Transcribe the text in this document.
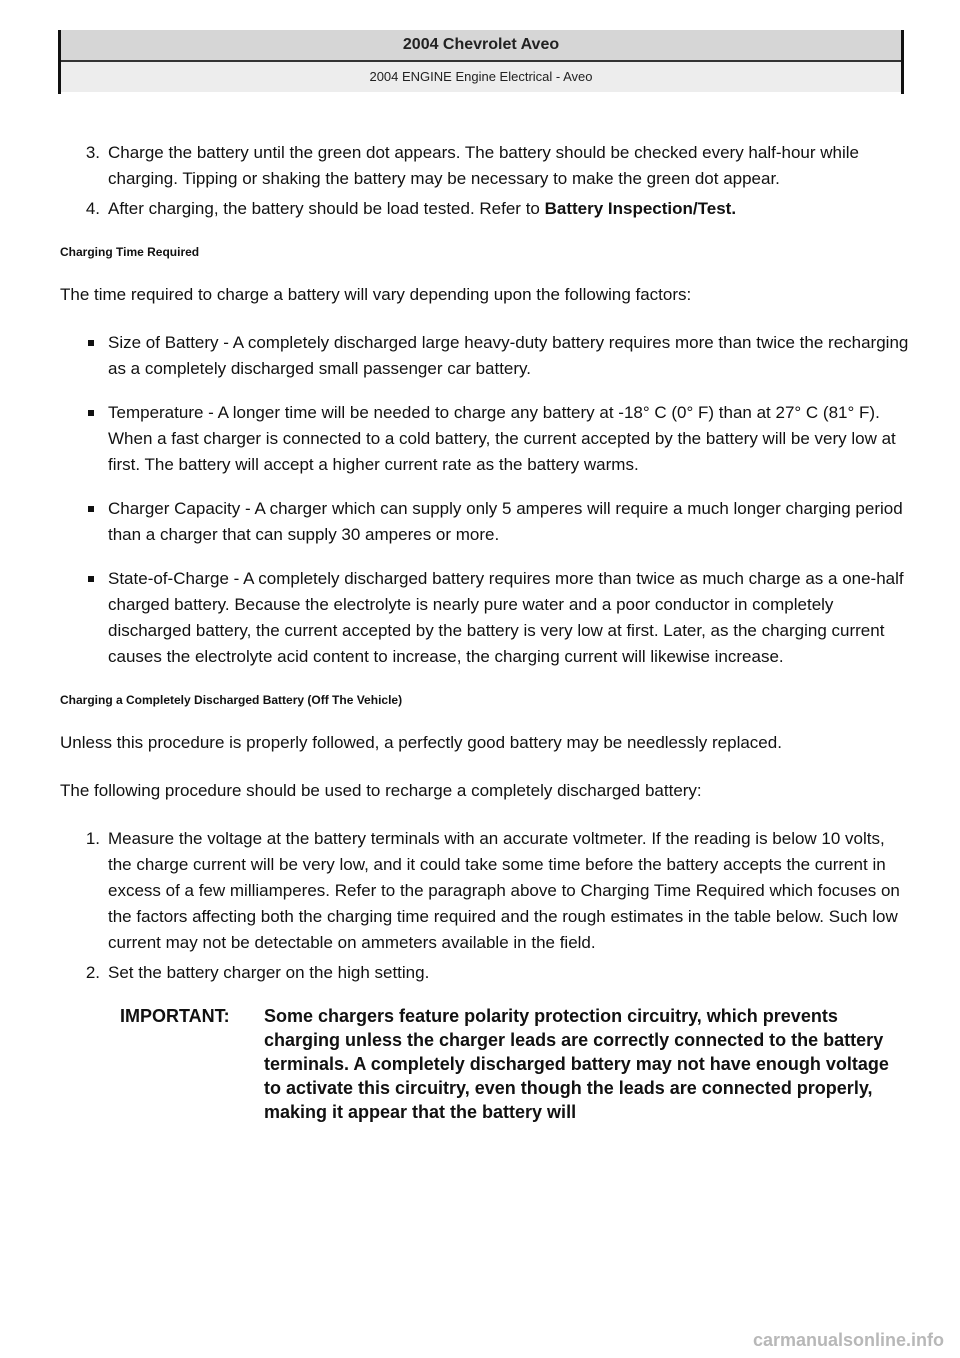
2004 Chevrolet Aveo
2004 ENGINE Engine Electrical - Aveo
3. Charge the battery until the green dot appears. The battery should be checked every half-hour while charging. Tipping or shaking the battery may be necessary to make the green dot appear.
4. After charging, the battery should be load tested. Refer to Battery Inspection/Test.
Charging Time Required
The time required to charge a battery will vary depending upon the following factors:
Size of Battery - A completely discharged large heavy-duty battery requires more than twice the recharging as a completely discharged small passenger car battery.
Temperature - A longer time will be needed to charge any battery at -18° C (0° F) than at 27° C (81° F). When a fast charger is connected to a cold battery, the current accepted by the battery will be very low at first. The battery will accept a higher current rate as the battery warms.
Charger Capacity - A charger which can supply only 5 amperes will require a much longer charging period than a charger that can supply 30 amperes or more.
State-of-Charge - A completely discharged battery requires more than twice as much charge as a one-half charged battery. Because the electrolyte is nearly pure water and a poor conductor in completely discharged battery, the current accepted by the battery is very low at first. Later, as the charging current causes the electrolyte acid content to increase, the charging current will likewise increase.
Charging a Completely Discharged Battery (Off The Vehicle)
Unless this procedure is properly followed, a perfectly good battery may be needlessly replaced.
The following procedure should be used to recharge a completely discharged battery:
1. Measure the voltage at the battery terminals with an accurate voltmeter. If the reading is below 10 volts, the charge current will be very low, and it could take some time before the battery accepts the current in excess of a few milliamperes. Refer to the paragraph above to Charging Time Required which focuses on the factors affecting both the charging time required and the rough estimates in the table below. Such low current may not be detectable on ammeters available in the field.
2. Set the battery charger on the high setting.
IMPORTANT: Some chargers feature polarity protection circuitry, which prevents charging unless the charger leads are correctly connected to the battery terminals. A completely discharged battery may not have enough voltage to activate this circuitry, even though the leads are connected properly, making it appear that the battery will
carmanualsonline.info
